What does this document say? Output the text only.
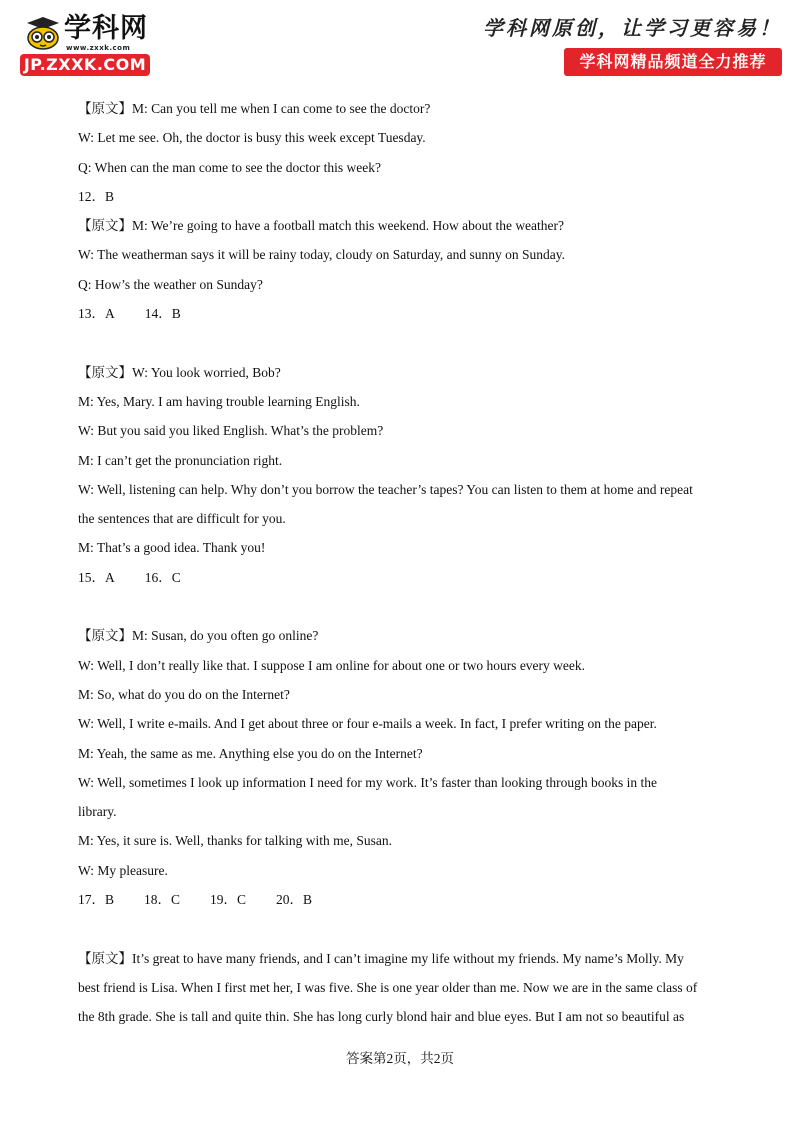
学科网
www.zxxk.com
JP.ZXXK.COM
学科网原创，让学习更容易！
学科网精品频道全力推荐

【原文】M: Can you tell me when I can come to see the doctor?

W: Let me see. Oh, the doctor is busy this week except Tuesday.

Q: When can the man come to see the doctor this week?

12．B

【原文】M: We’re going to have a football match this weekend. How about the weather?

W: The weatherman says it will be rainy today, cloudy on Saturday, and sunny on Sunday.

Q: How’s the weather on Sunday?

13．A 14．B

【原文】W: You look worried, Bob?

M: Yes, Mary. I am having trouble learning English.

W: But you said you liked English. What’s the problem?

M: I can’t get the pronunciation right.

W: Well, listening can help. Why don’t you borrow the teacher’s tapes? You can listen to them at home and repeat

the sentences that are difficult for you.

M: That’s a good idea. Thank you!

15．A 16．C

【原文】M: Susan, do you often go online?

W: Well, I don’t really like that. I suppose I am online for about one or two hours every week.

M: So, what do you do on the Internet?

W: Well, I write e-mails. And I get about three or four e-mails a week. In fact, I prefer writing on the paper.

M: Yeah, the same as me. Anything else you do on the Internet?

W: Well, sometimes I look up information I need for my work. It’s faster than looking through books in the

library.

M: Yes, it sure is. Well, thanks for talking with me, Susan.

W: My pleasure.

17．B 18．C 19．C 20．B

【原文】It’s great to have many friends, and I can’t imagine my life without my friends. My name’s Molly. My

best friend is Lisa. When I first met her, I was five. She is one year older than me. Now we are in the same class of

the 8th grade. She is tall and quite thin. She has long curly blond hair and blue eyes. But I am not so beautiful as

答案第2页，共2页
